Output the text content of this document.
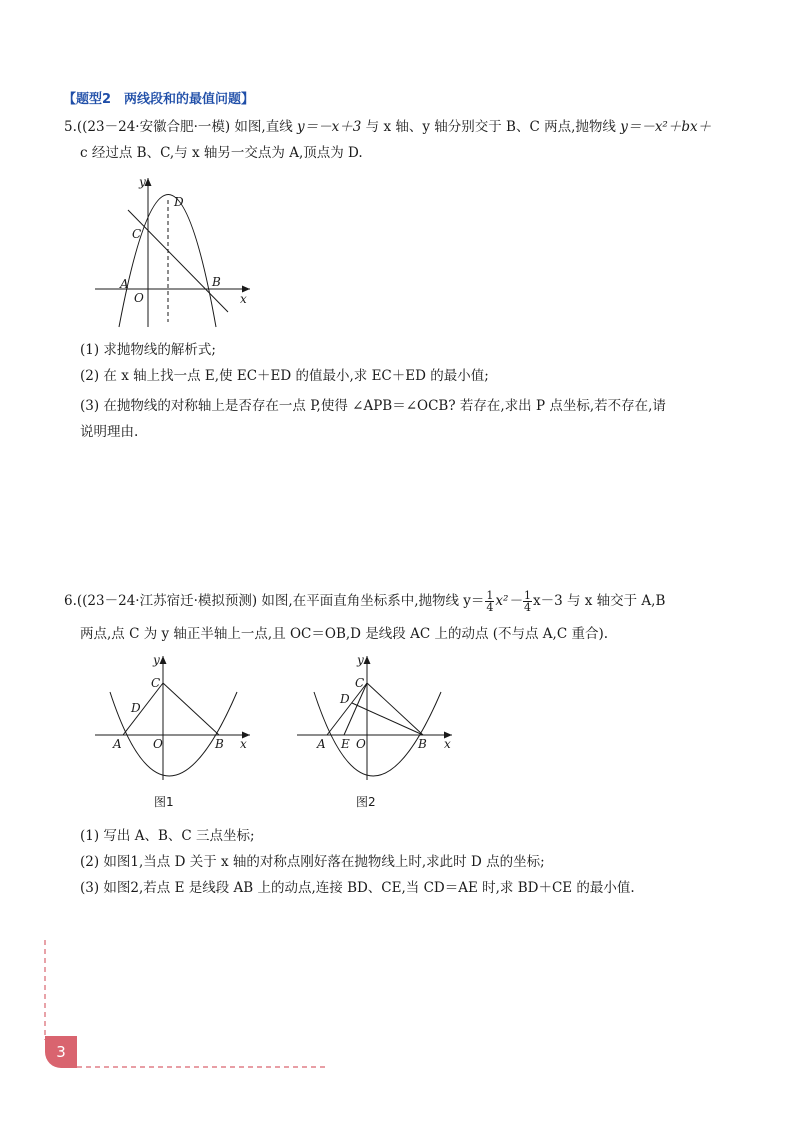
【题型2　两线段和的最值问题】
5.((23－24·安徽合肥·一模) 如图,直线 y＝－x＋3 与 x 轴、y 轴分别交于 B、C 两点,抛物线 y＝－x²＋bx＋
c 经过点 B、C,与 x 轴另一交点为 A,顶点为 D.
y
x
D
C
A
O
B
(1) 求抛物线的解析式;
(2) 在 x 轴上找一点 E,使 EC＋ED 的值最小,求 EC＋ED 的最小值;
(3) 在抛物线的对称轴上是否存在一点 P,使得 ∠APB＝∠OCB? 若存在,求出 P 点坐标,若不存在,请
说明理由.
6.((23－24·江苏宿迁·模拟预测) 如图,在平面直角坐标系中,抛物线 $y= \frac{1}{4} x^2- \frac{1}{4} x-3$ 与 x 轴交于 A,B
两点,点 C 为 y 轴正半轴上一点,且 OC＝OB,D 是线段 AC 上的动点 (不与点 A,C 重合).
y
x
C
D
A	O	B
图1
y
x
C
D
A E O	B
图2
(1) 写出 A、B、C 三点坐标;
(2) 如图1,当点 D 关于 x 轴的对称点刚好落在抛物线上时,求此时 D 点的坐标;
(3) 如图2,若点 E 是线段 AB 上的动点,连接 BD、CE,当 CD＝AE 时,求 BD＋CE 的最小值.
3
